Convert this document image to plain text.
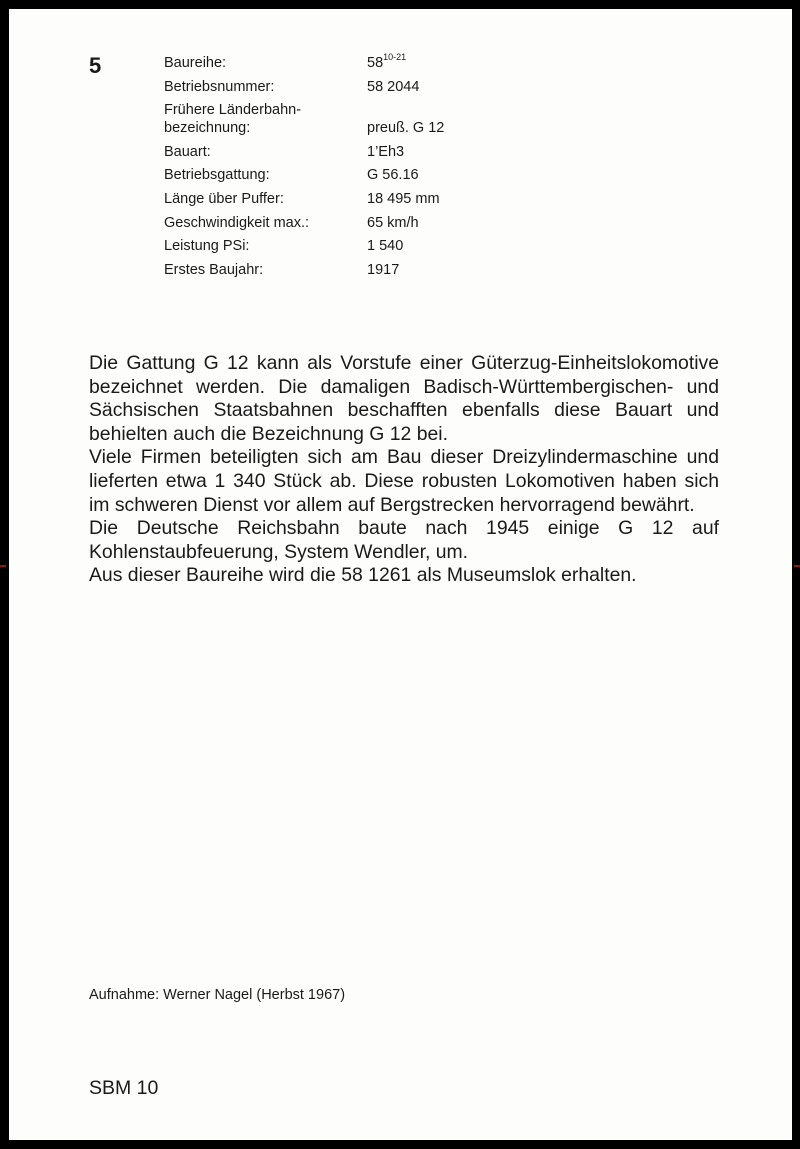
5	Baureihe:	58$^{10-21}$
Betriebsnummer:	58 2044
Frühere Länderbahn-
bezeichnung:	preuß. G 12
Bauart:	1’Eh3
Betriebsgattung:	G 56.16
Länge über Puffer:	18 495 mm
Geschwindigkeit max.:	65 km/h
Leistung PSi:	1 540
Erstes Baujahr:	1917

Die Gattung G 12 kann als Vorstufe einer Güterzug-Einheitslokomotive bezeichnet werden. Die damaligen Badisch-Württembergischen- und Sächsischen Staatsbahnen beschafften ebenfalls diese Bauart und behielten auch die Bezeichnung G 12 bei.

Viele Firmen beteiligten sich am Bau dieser Dreizylindermaschine und lieferten etwa 1 340 Stück ab. Diese robusten Lokomotiven haben sich im schweren Dienst vor allem auf Bergstrecken hervorragend bewährt.

Die Deutsche Reichsbahn baute nach 1945 einige G 12 auf Kohlenstaubfeuerung, System Wendler, um.

Aus dieser Baureihe wird die 58 1261 als Museumslok erhalten.

Aufnahme: Werner Nagel (Herbst 1967)
SBM 10
